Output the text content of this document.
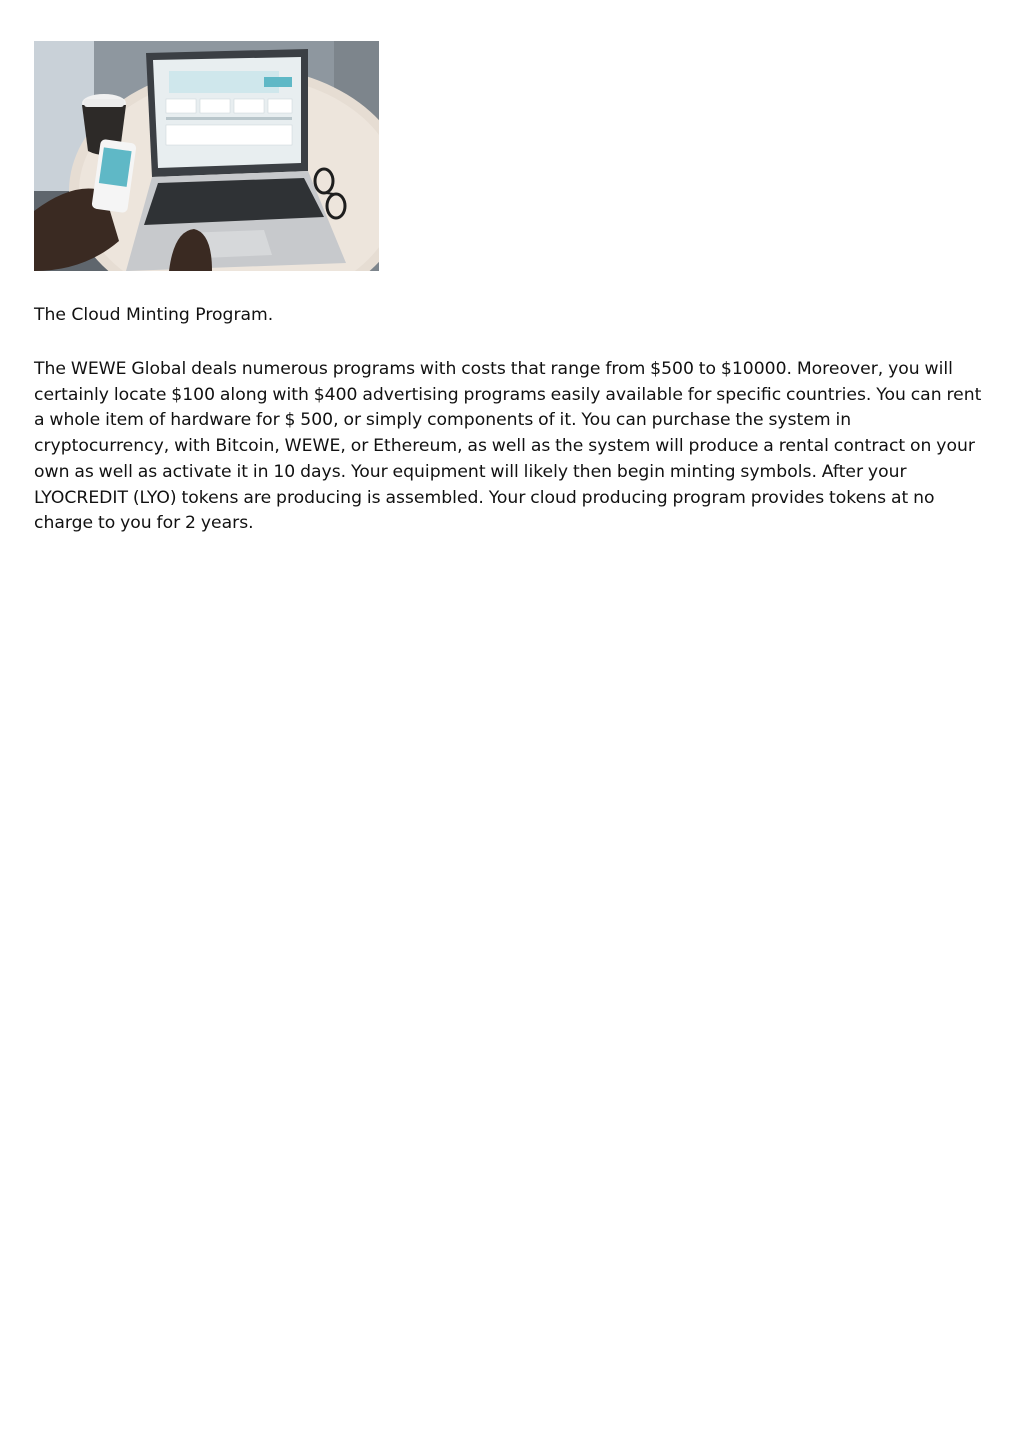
The Cloud Minting Program.

The WEWE Global deals numerous programs with costs that range from $500 to $10000. Moreover, you will certainly locate $100 along with $400 advertising programs easily available for specific countries. You can rent a whole item of hardware for $ 500, or simply components of it. You can purchase the system in cryptocurrency, with Bitcoin, WEWE, or Ethereum, as well as the system will produce a rental contract on your own as well as activate it in 10 days. Your equipment will likely then begin minting symbols. After your LYOCREDIT (LYO) tokens are producing is assembled. Your cloud producing program provides tokens at no charge to you for 2 years.
